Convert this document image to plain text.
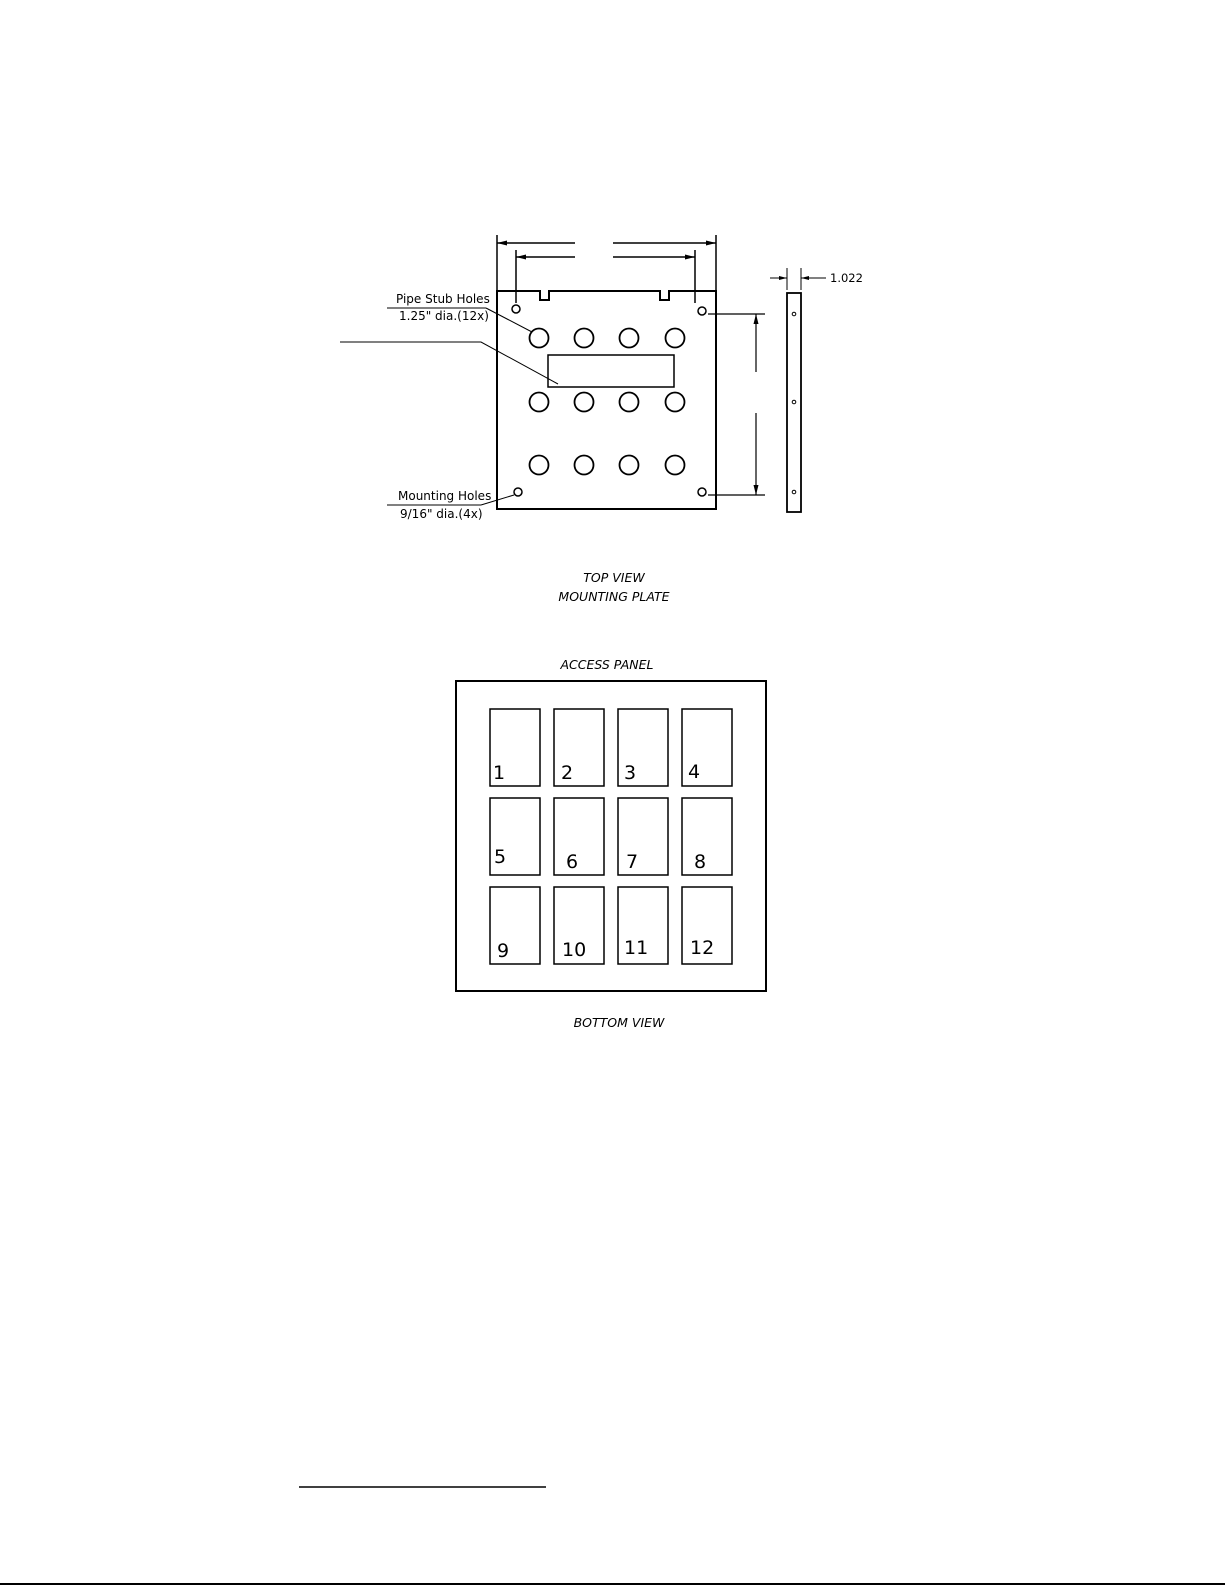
Pipe Stub Holes
1.25" dia.(12x)
Mounting Holes
9/16" dia.(4x)
1.022
TOP VIEW
MOUNTING PLATE
ACCESS PANEL
1	2	3	4
5	6	7	8
9	10 11 12
BOTTOM VIEW
